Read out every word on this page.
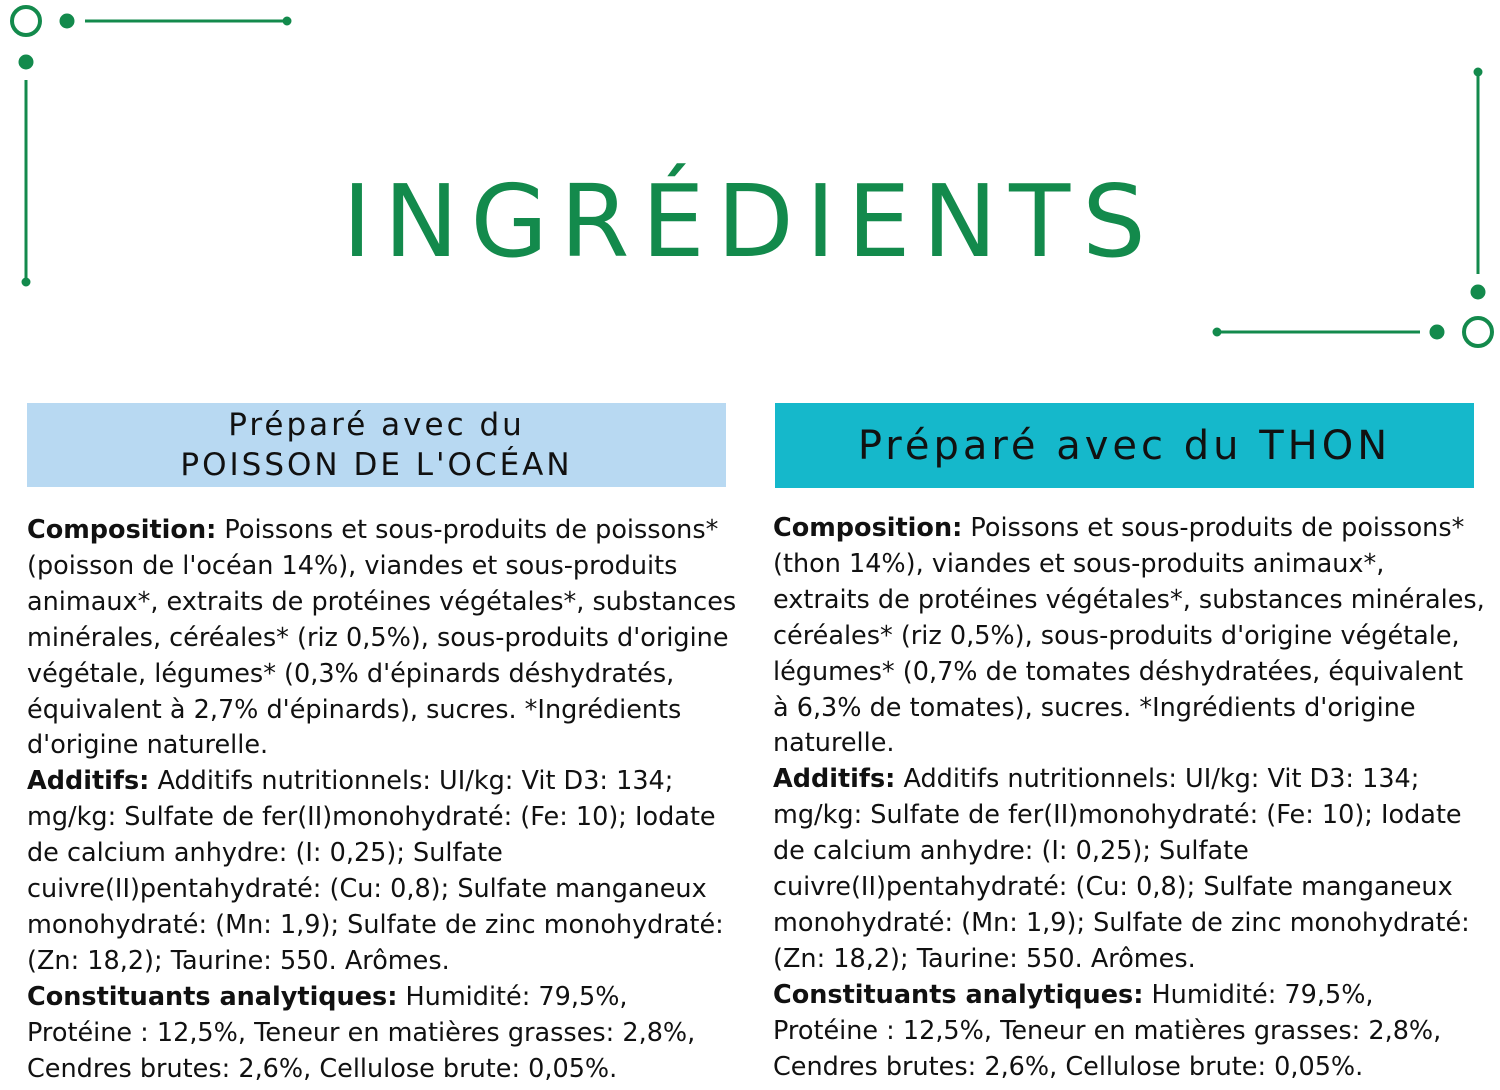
INGRÉDIENTS
Préparé avec du
POISSON DE L'OCÉAN

Composition: Poissons et sous-produits de poissons* (poisson de l'océan 14%), viandes et sous-produits animaux*, extraits de protéines végétales*, substances minérales, céréales* (riz 0,5%), sous-produits d'origine végétale, légumes* (0,3% d'épinards déshydratés, équivalent à 2,7% d'épinards), sucres. *Ingrédients d'origine naturelle.

Additifs: Additifs nutritionnels: UI/kg: Vit D3: 134; mg/kg: Sulfate de fer(II)monohydraté: (Fe: 10); Iodate de calcium anhydre: (I: 0,25); Sulfate cuivre(II)pentahydraté: (Cu: 0,8); Sulfate manganeux monohydraté: (Mn: 1,9); Sulfate de zinc monohydraté: (Zn: 18,2); Taurine: 550. Arômes.

Constituants analytiques: Humidité: 79,5%, Protéine : 12,5%, Teneur en matières grasses: 2,8%, Cendres brutes: 2,6%, Cellulose brute: 0,05%.

Préparé avec du THON

Composition: Poissons et sous-produits de poissons* (thon 14%), viandes et sous-produits animaux*, extraits de protéines végétales*, substances minérales, céréales* (riz 0,5%), sous-produits d'origine végétale, légumes* (0,7% de tomates déshydratées, équivalent à 6,3% de tomates), sucres. *Ingrédients d'origine naturelle.

Additifs: Additifs nutritionnels: UI/kg: Vit D3: 134; mg/kg: Sulfate de fer(II)monohydraté: (Fe: 10); Iodate de calcium anhydre: (I: 0,25); Sulfate cuivre(II)pentahydraté: (Cu: 0,8); Sulfate manganeux monohydraté: (Mn: 1,9); Sulfate de zinc monohydraté: (Zn: 18,2); Taurine: 550. Arômes.

Constituants analytiques: Humidité: 79,5%, Protéine : 12,5%, Teneur en matières grasses: 2,8%, Cendres brutes: 2,6%, Cellulose brute: 0,05%.
